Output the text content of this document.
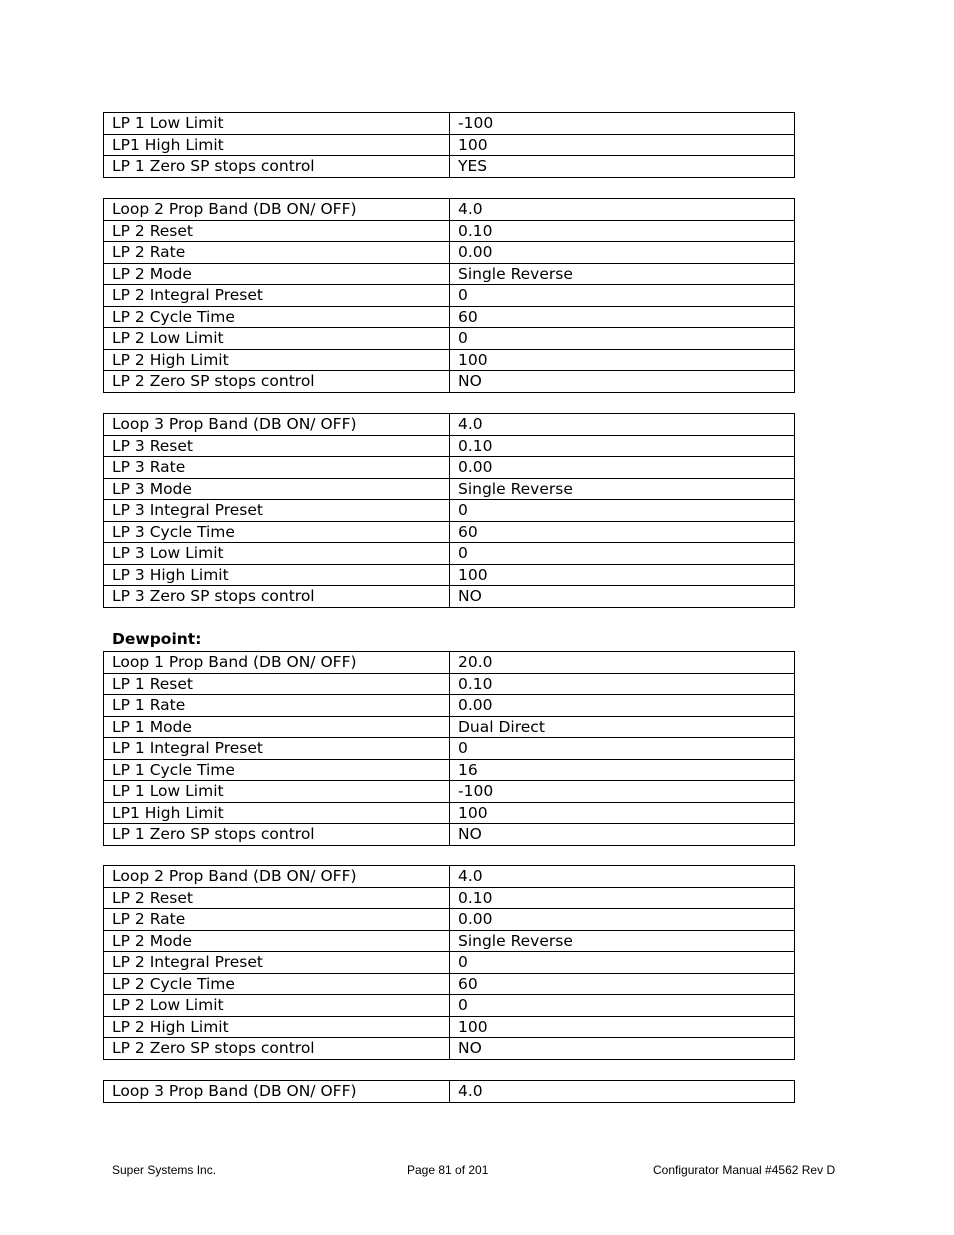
LP 1 Low Limit	-100
LP1 High Limit	100
LP 1 Zero SP stops control	YES
Loop 2 Prop Band (DB ON/ OFF)	4.0
LP 2 Reset	0.10
LP 2 Rate	0.00
LP 2 Mode	Single Reverse
LP 2 Integral Preset	0
LP 2 Cycle Time	60
LP 2 Low Limit	0
LP 2 High Limit	100
LP 2 Zero SP stops control	NO
Loop 3 Prop Band (DB ON/ OFF)	4.0
LP 3 Reset	0.10
LP 3 Rate	0.00
LP 3 Mode	Single Reverse
LP 3 Integral Preset	0
LP 3 Cycle Time	60
LP 3 Low Limit	0
LP 3 High Limit	100
LP 3 Zero SP stops control	NO
Dewpoint:
Loop 1 Prop Band (DB ON/ OFF)	20.0
LP 1 Reset	0.10
LP 1 Rate	0.00
LP 1 Mode	Dual Direct
LP 1 Integral Preset	0
LP 1 Cycle Time	16
LP 1 Low Limit	-100
LP1 High Limit	100
LP 1 Zero SP stops control	NO
Loop 2 Prop Band (DB ON/ OFF)	4.0
LP 2 Reset	0.10
LP 2 Rate	0.00
LP 2 Mode	Single Reverse
LP 2 Integral Preset	0
LP 2 Cycle Time	60
LP 2 Low Limit	0
LP 2 High Limit	100
LP 2 Zero SP stops control	NO
Loop 3 Prop Band (DB ON/ OFF)	4.0
Super Systems Inc.	Page 81 of 201	Configurator Manual #4562 Rev D
